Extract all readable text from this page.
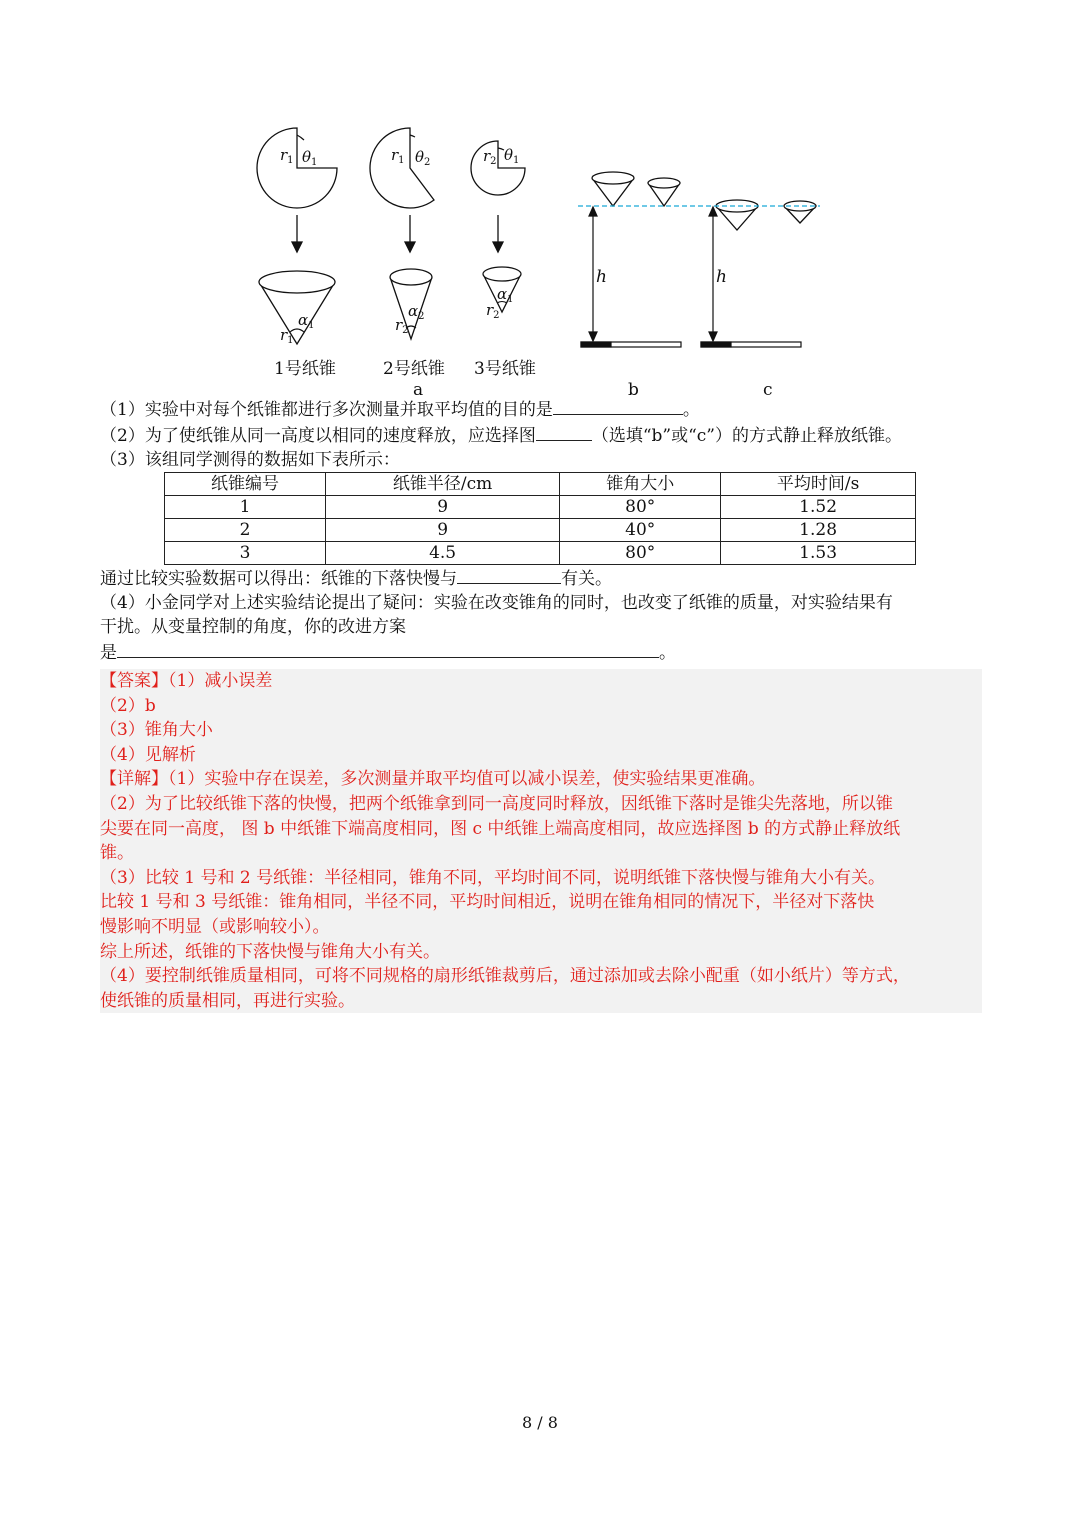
$r_1$ $\theta_1$	$r_1$ $\theta_2$	$r_2$ $\theta_1$
$\alpha_1$
$r_1$
$\alpha_2$
$r_2$
$\alpha_1$
$r_2$
1号纸锥	2号纸锥 3号纸锥
a	b	c
h	h

（1）实验中对每个纸锥都进行多次测量并取平均值的目的是	。

（2）为了使纸锥从同一高度以相同的速度释放，应选择图	（选填“b”或“c”）的方式静止释放纸锥。

（3）该组同学测得的数据如下表所示：

纸锥编号	纸锥半径/cm	锥角大小	平均时间/s
1	9	80°	1.52
2	9	40°	1.28
3	4.5	80°	1.53

通过比较实验数据可以得出：纸锥的下落快慢与	有关。

（4）小金同学对上述实验结论提出了疑问：实验在改变锥角的同时，也改变了纸锥的质量，对实验结果有

干扰。从变量控制的角度，你的改进方案

是	。

【答案】（1）减小误差

（2）b

（3）锥角大小

（4）见解析

【详解】（1）实验中存在误差，多次测量并取平均值可以减小误差，使实验结果更准确。

（2）为了比较纸锥下落的快慢，把两个纸锥拿到同一高度同时释放，因纸锥下落时是锥尖先落地，所以锥

尖要在同一高度， 图 b 中纸锥下端高度相同，图 c 中纸锥上端高度相同，故应选择图 b 的方式静止释放纸

锥。

（3）比较 1 号和 2 号纸锥：半径相同，锥角不同，平均时间不同，说明纸锥下落快慢与锥角大小有关。

比较 1 号和 3 号纸锥：锥角相同，半径不同，平均时间相近，说明在锥角相同的情况下，半径对下落快

慢影响不明显（或影响较小）。

综上所述，纸锥的下落快慢与锥角大小有关。

（4）要控制纸锥质量相同，可将不同规格的扇形纸锥裁剪后，通过添加或去除小配重（如小纸片）等方式，

使纸锥的质量相同，再进行实验。

8 / 8
